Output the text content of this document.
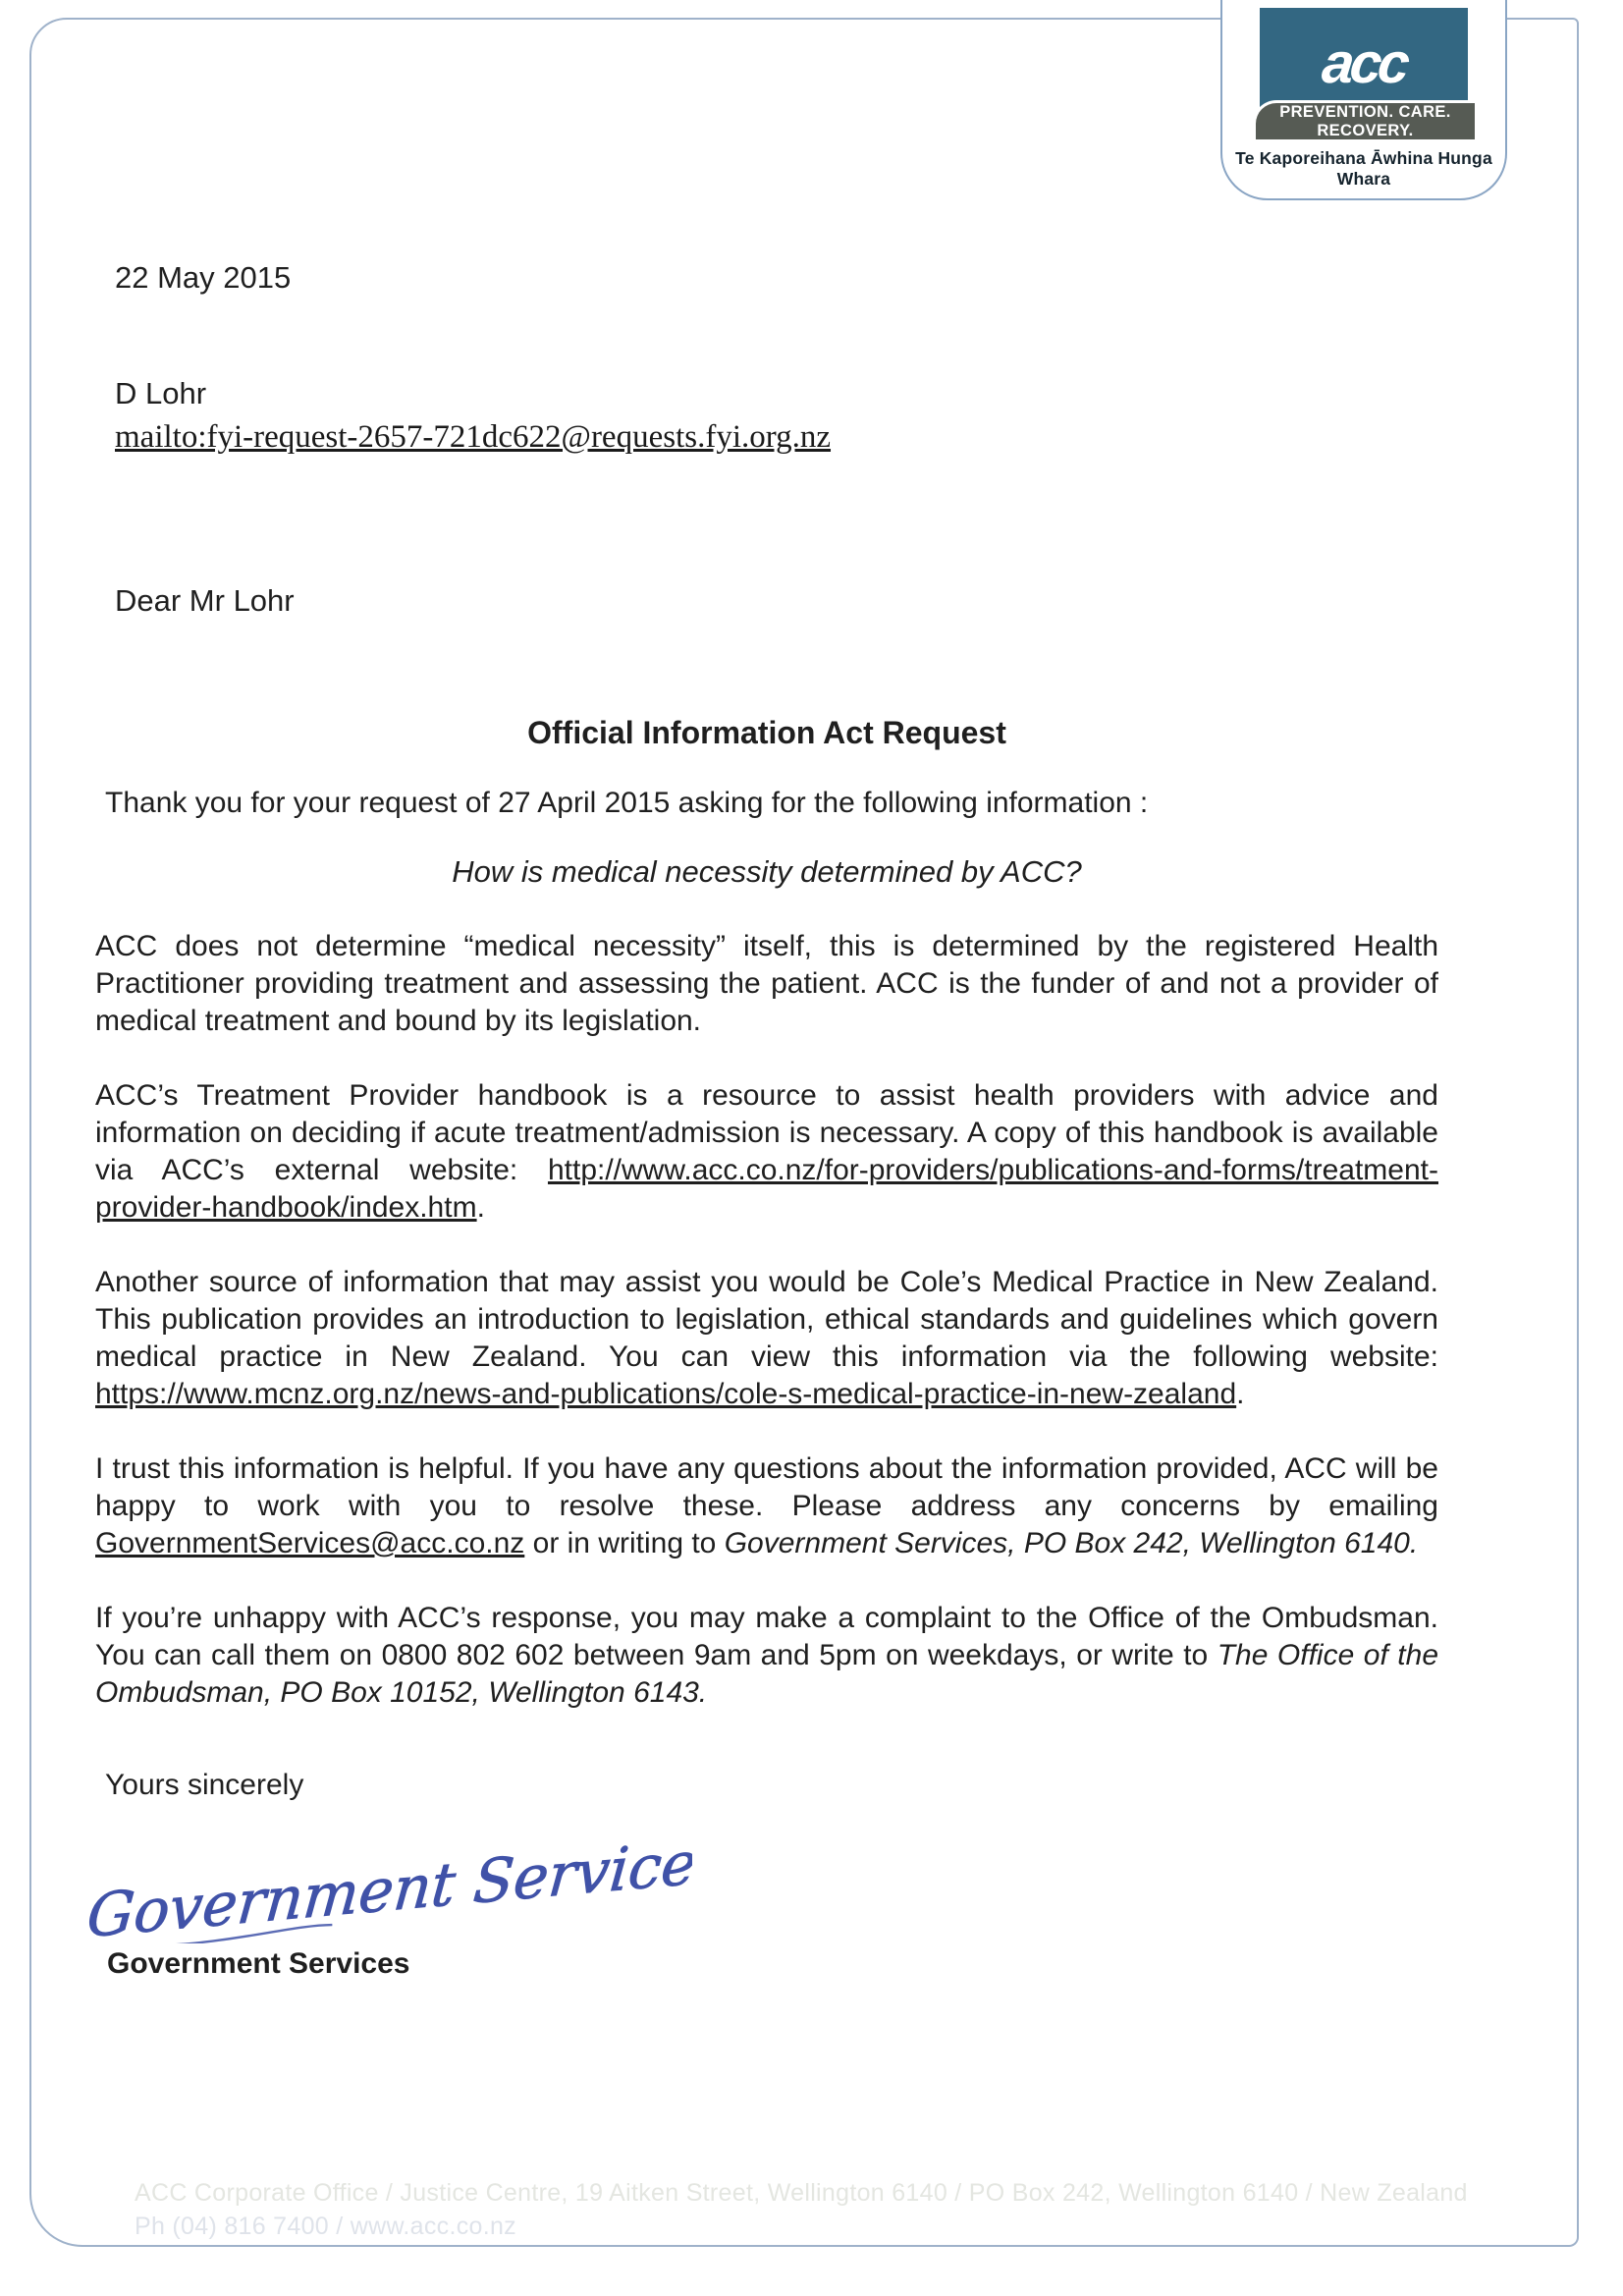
acc
PREVENTION. CARE. RECOVERY.
Te Kaporeihana Āwhina Hunga Whara

22 May 2015

D Lohr

mailto:fyi-request-2657-721dc622@requests.fyi.org.nz

Dear Mr Lohr

Official Information Act Request

Thank you for your request of 27 April 2015 asking for the following information :

How is medical necessity determined by ACC?

ACC does not determine “medical necessity” itself, this is determined by the registered Health Practitioner providing treatment and assessing the patient. ACC is the funder of and not a provider of medical treatment and bound by its legislation.

ACC’s Treatment Provider handbook is a resource to assist health providers with advice and information on deciding if acute treatment/admission is necessary. A copy of this handbook is available via ACC’s external website: http://www.acc.co.nz/for-providers/publications-and-forms/treatment-provider-handbook/index.htm.

Another source of information that may assist you would be Cole’s Medical Practice in New Zealand. This publication provides an introduction to legislation, ethical standards and guidelines which govern medical practice in New Zealand. You can view this information via the following website: https://www.mcnz.org.nz/news-and-publications/cole-s-medical-practice-in-new-zealand.

I trust this information is helpful. If you have any questions about the information provided, ACC will be happy to work with you to resolve these. Please address any concerns by emailing GovernmentServices@acc.co.nz or in writing to Government Services, PO Box 242, Wellington 6140.

If you’re unhappy with ACC’s response, you may make a complaint to the Office of the Ombudsman. You can call them on 0800 802 602 between 9am and 5pm on weekdays, or write to The Office of the Ombudsman, PO Box 10152, Wellington 6143.

Yours sincerely

Government Services

Government Services

ACC Corporate Office / Justice Centre, 19 Aitken Street, Wellington 6140 / PO Box 242, Wellington 6140 / New Zealand
Ph (04) 816 7400 / www.acc.co.nz
